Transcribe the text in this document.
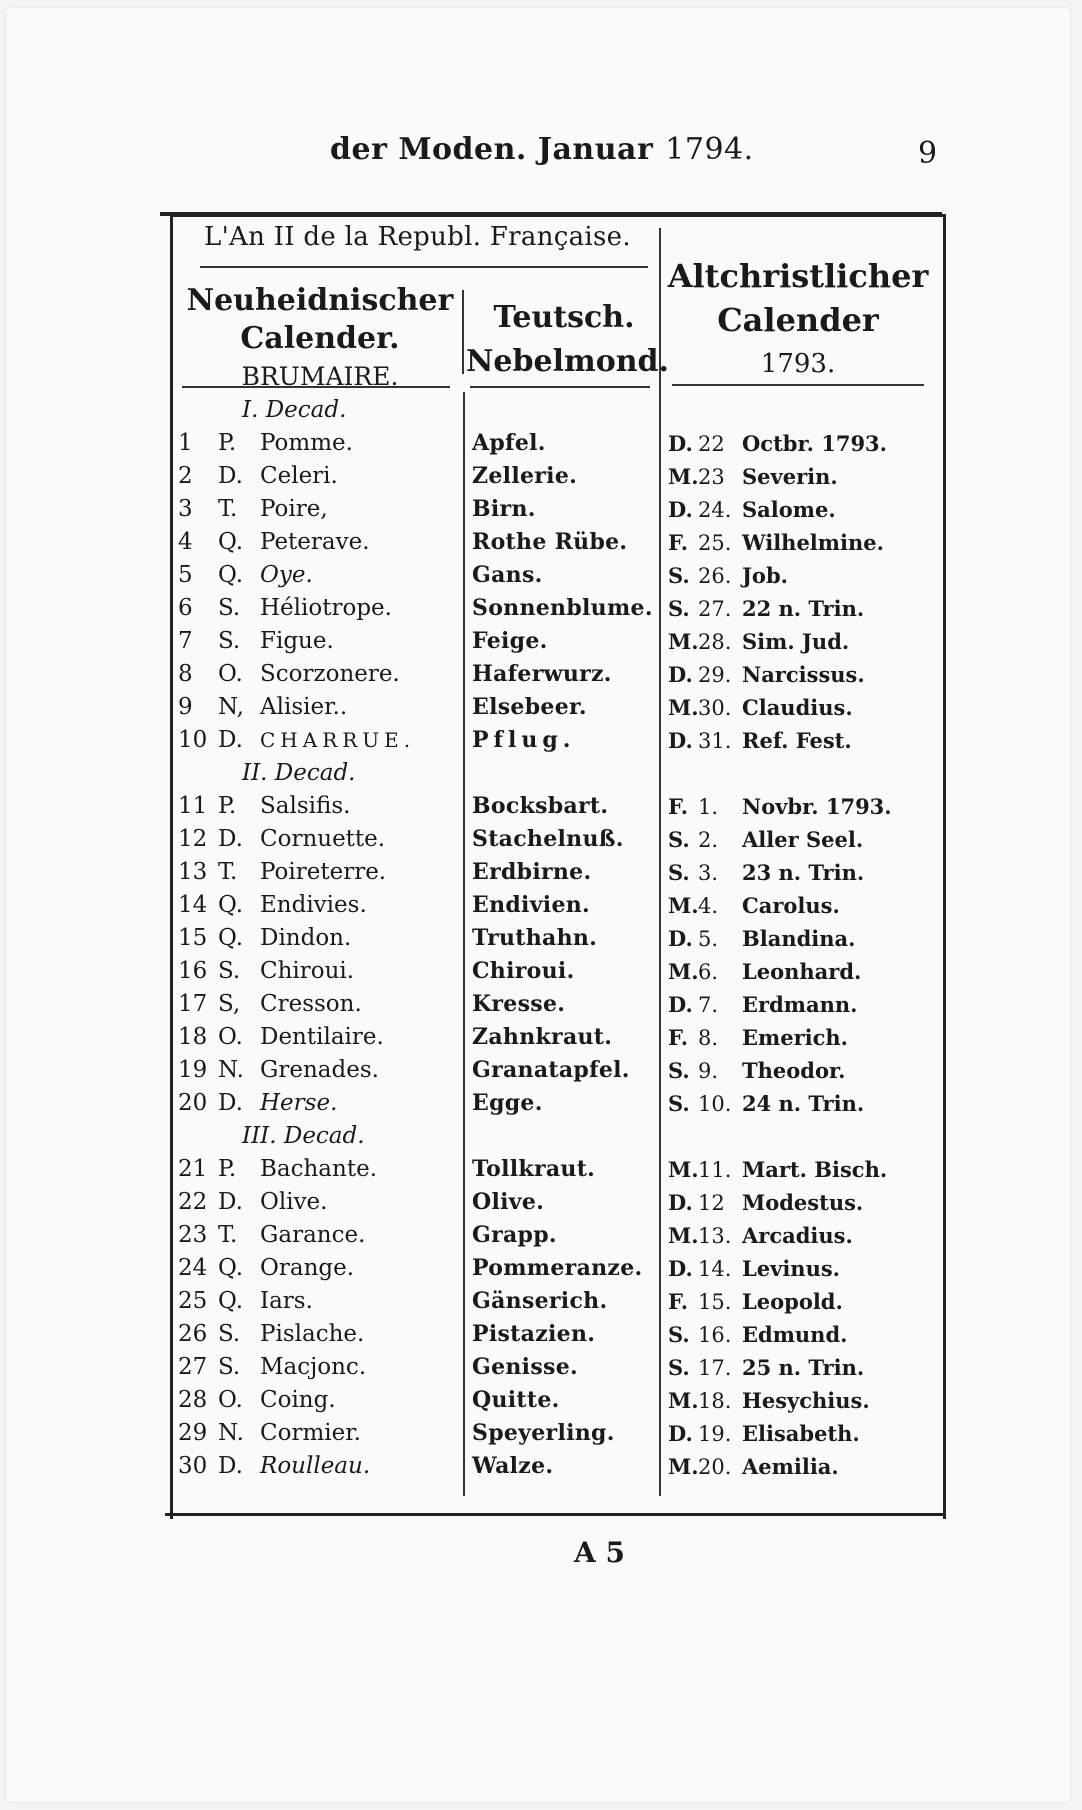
der Moden. Januar 1794.	9
L'An II de la Republ. Française.
Neuheidnischer
Calender.
BRUMAIRE.
Teutsch.
Nebelmond.
Altchristlicher
Calender
1793.
I. Decad.
1 P. Pomme.
2 D. Celeri.
3 T. Poire,
4 Q. Peterave.
5 Q. Oye.
6 S. Héliotrope.
7 S. Figue.
8 O. Scorzonere.
9 N, Alisier..
10 D. CHARRUE.
II. Decad.
11 P. Salsifis.
12 D. Cornuette.
13 T. Poireterre.
14 Q. Endivies.
15 Q. Dindon.
16 S. Chiroui.
17 S, Cresson.
18 O. Dentilaire.
19 N. Grenades.
20 D. Herse.
III. Decad.
21 P. Bachante.
22 D. Olive.
23 T. Garance.
24 Q. Orange.
25 Q. Iars.
26 S. Pislache.
27 S. Macjonc.
28 O. Coing.
29 N. Cormier.
30 D. Roulleau.
Apfel.
Zellerie.
Birn.
Rothe Rübe.
Gans.
Sonnenblume.
Feige.
Haferwurz.
Elsebeer.
Pflug.
Bocksbart.
Stachelnuß.
Erdbirne.
Endivien.
Truthahn.
Chiroui.
Kresse.
Zahnkraut.
Granatapfel.
Egge.
Tollkraut.
Olive.
Grapp.
Pommeranze.
Gänserich.
Pistazien.
Genisse.
Quitte.
Speyerling.
Walze.
D. 22 Octbr. 1793.
M.23 Severin.
D. 24. Salome.
F. 25. Wilhelmine.
S. 26. Job.
S. 27. 22 n. Trin.
M.28. Sim. Jud.
D. 29. Narcissus.
M.30. Claudius.
D. 31. Ref. Fest.
F. 1. Novbr. 1793.
S. 2. Aller Seel.
S. 3. 23 n. Trin.
M.4. Carolus.
D. 5. Blandina.
M.6. Leonhard.
D. 7. Erdmann.
F. 8. Emerich.
S. 9. Theodor.
S. 10. 24 n. Trin.
M.11. Mart. Bisch.
D. 12 Modestus.
M.13. Arcadius.
D. 14. Levinus.
F. 15. Leopold.
S. 16. Edmund.
S. 17. 25 n. Trin.
M.18. Hesychius.
D. 19. Elisabeth.
M.20. Aemilia.
A 5
